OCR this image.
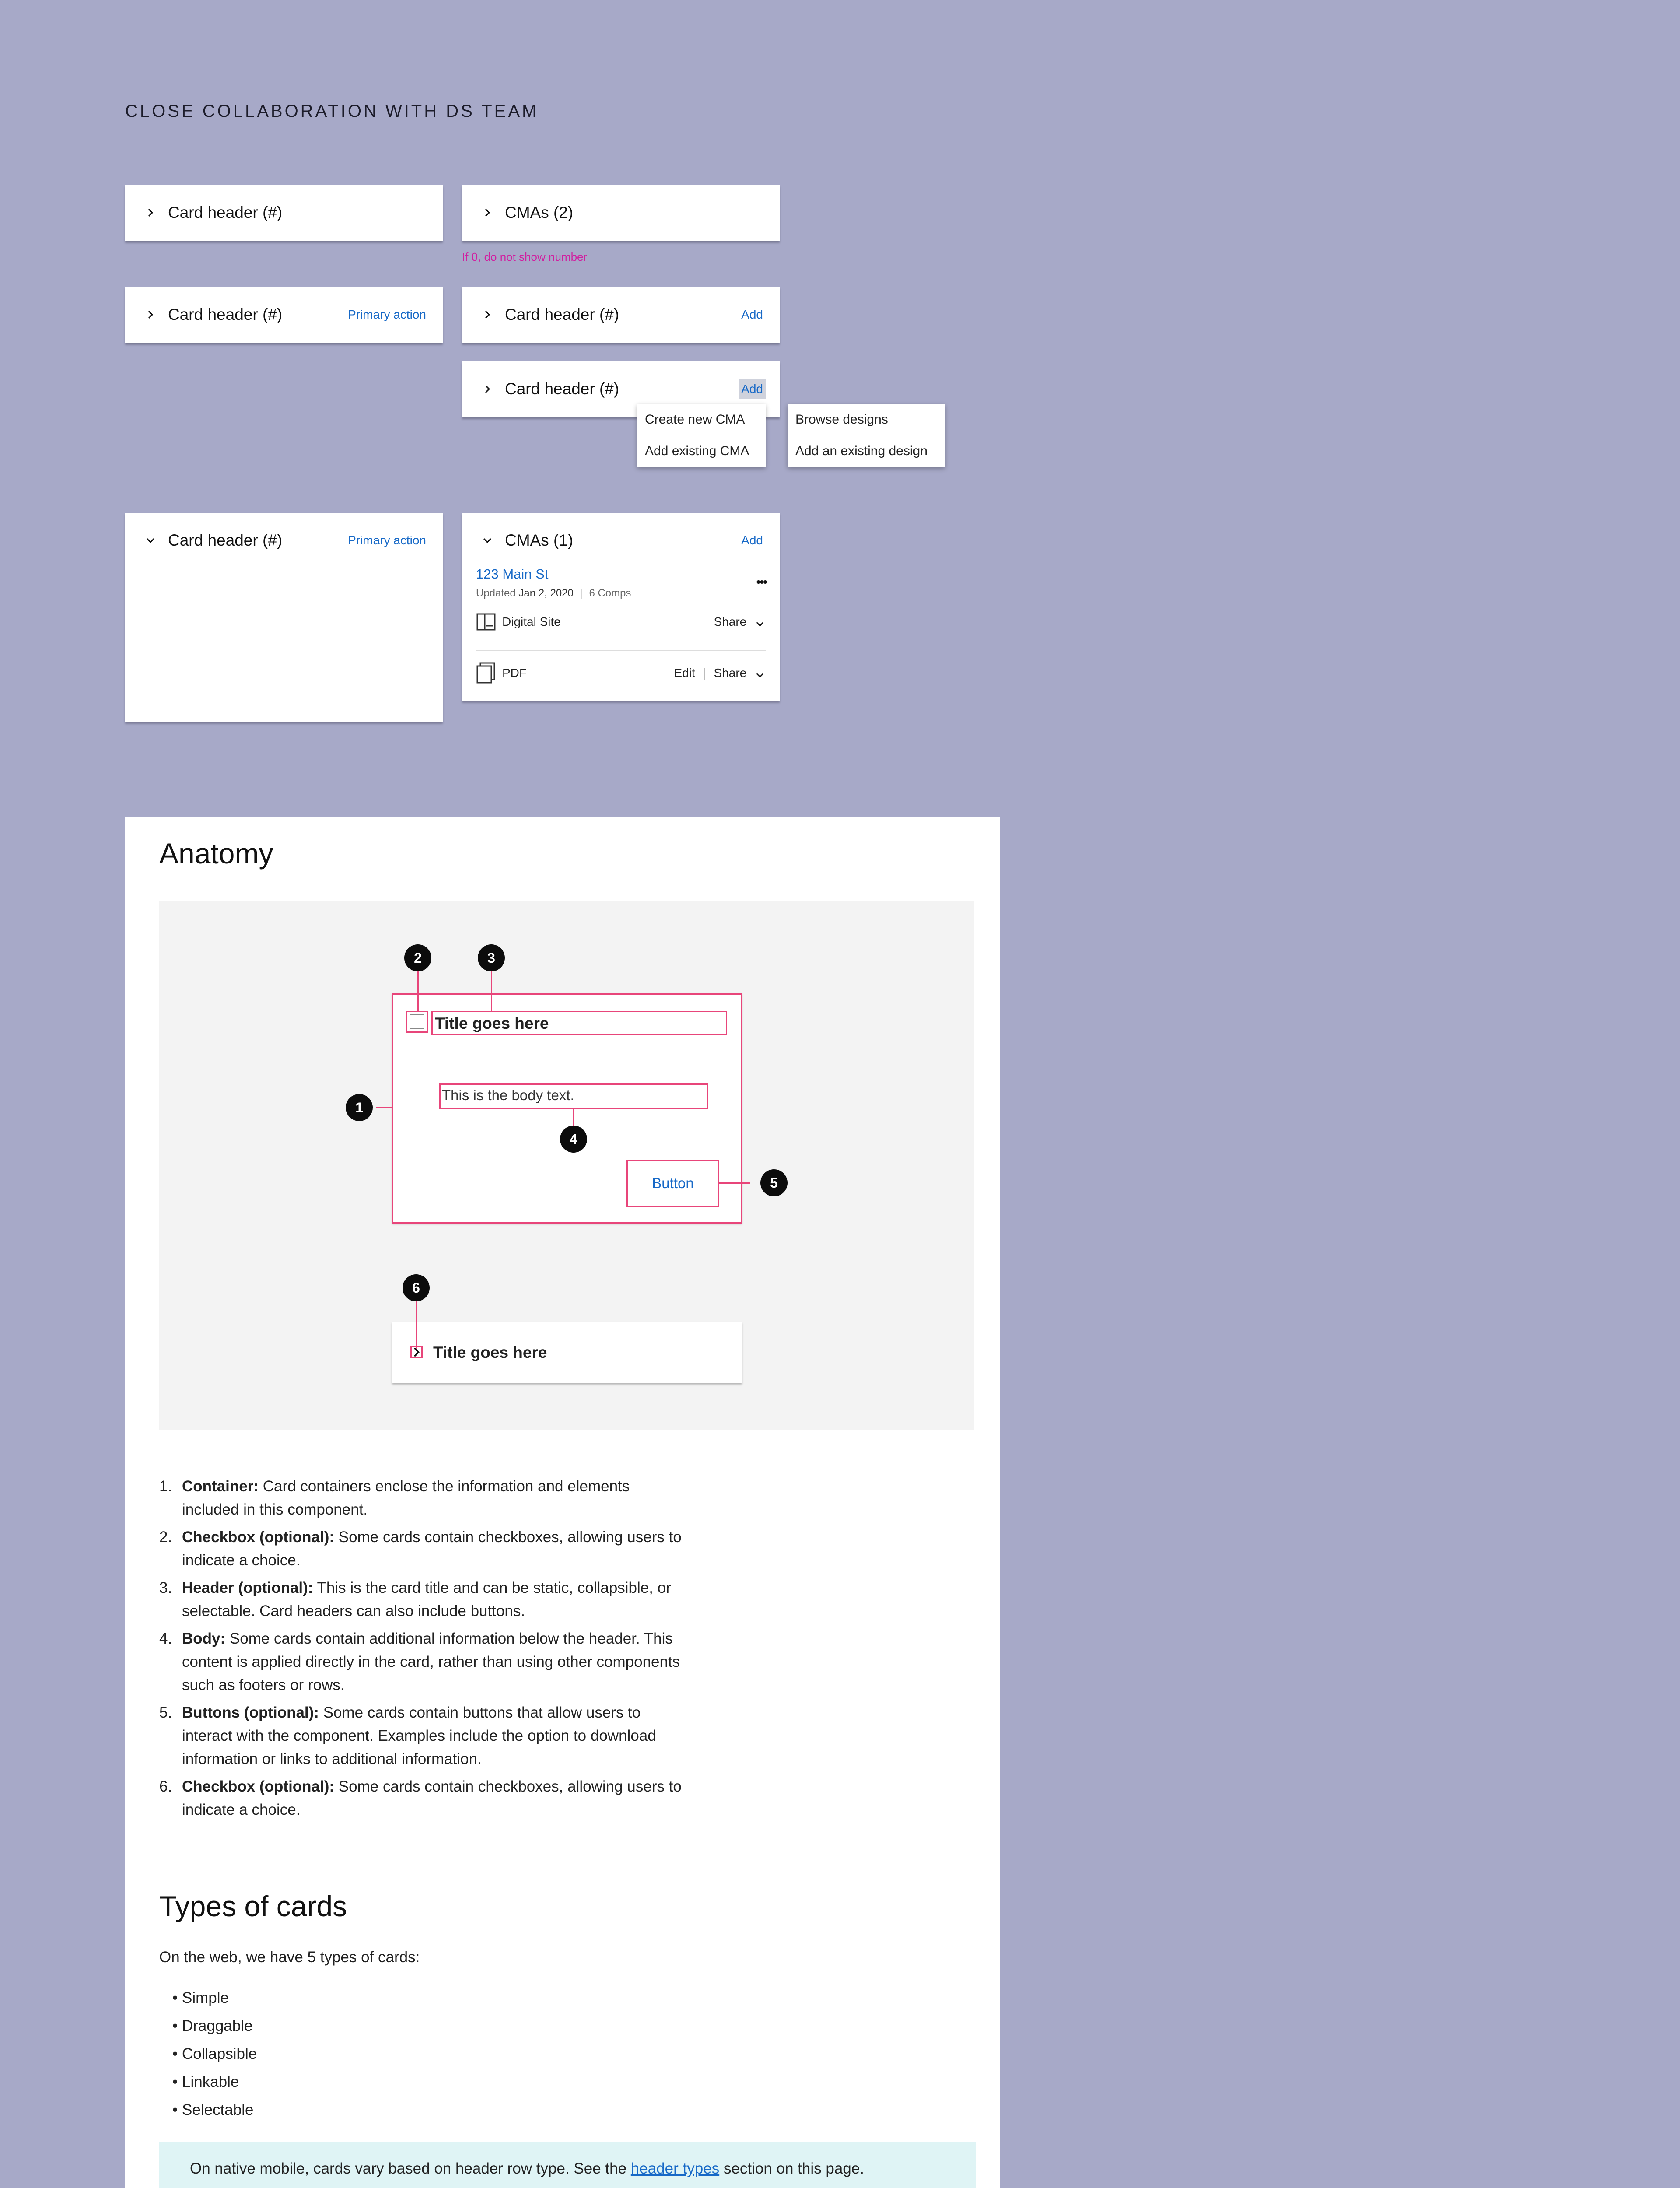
CLOSE COLLABORATION WITH DS TEAM
Card header (#)	CMAs (2)
If 0, do not show number
Card header (#)	Primary action	Card header (#)	Add
Card header (#)	Add
Create new CMA
Add existing CMA
Browse designs
Add an existing design
Card header (#)	Primary action	CMAs (1)	Add
123 Main St
Updated Jan 2, 2020 | 6 Comps
•••
Digital Site	Share
PDF	Edit | Share
Anatomy
Title goes here
This is the body text.
Button
2	3
1
4
5
6
Title goes here
1. Container: Card containers enclose the information and elements included in this component.
2. Checkbox (optional): Some cards contain checkboxes, allowing users to indicate a choice.
3. Header (optional): This is the card title and can be static, collapsible, or selectable. Card headers can also include buttons.
4. Body: Some cards contain additional information below the header. This content is applied directly in the card, rather than using other components such as footers or rows.
5. Buttons (optional): Some cards contain buttons that allow users to interact with the component. Examples include the option to download information or links to additional information.
6. Checkbox (optional): Some cards contain checkboxes, allowing users to indicate a choice.
Types of cards
On the web, we have 5 types of cards:
• Simple
• Draggable
• Collapsible
• Linkable
• Selectable
On native mobile, cards vary based on header row type. See the header types section on this page.
